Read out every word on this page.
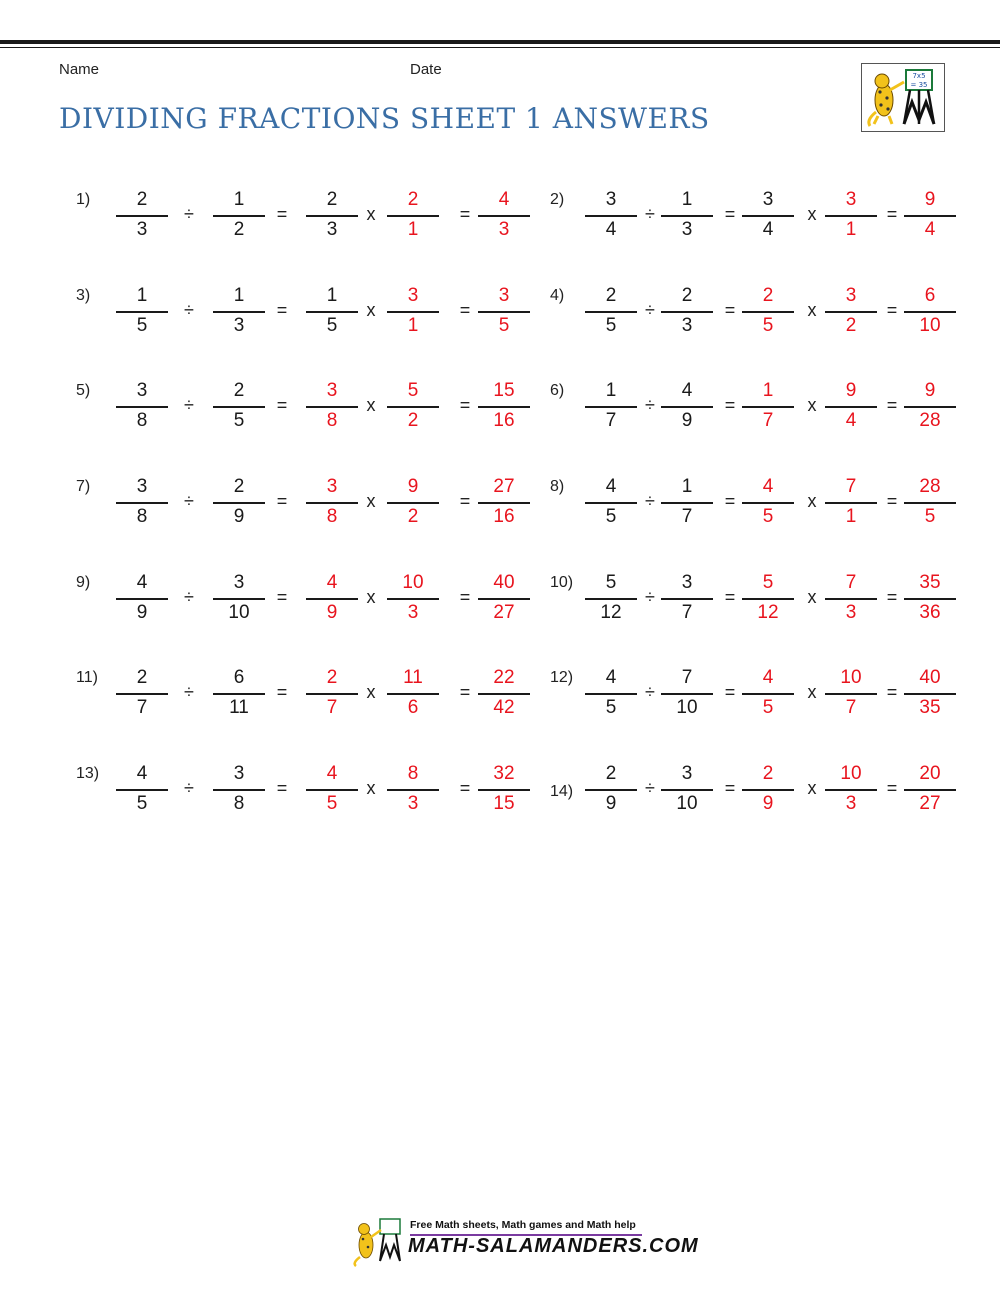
Name	Date
DIVIDING FRACTIONS SHEET 1 ANSWERS
7x5
= 35
1)	2
3
÷
1
2
=
2
3
x
2
1
=
4
3
2)	3
4
÷
1
3
=
3
4
x
3
1
=
9
4
3)	1
5
÷
1
3
=
1
5
x
3
1
=
3
5
4)	2
5
÷
2
3
=
2
5
x
3
2
=
6
10
5)	3
8
÷
2
5
=
3
8
x
5
2
=
15
16
6)	1
7
÷
4
9
=
1
7
x
9
4
=
9
28
7)	3
8
÷
2
9
=
3
8
x
9
2
=
27
16
8)	4
5
÷
1
7
=
4
5
x
7
1
=
28
5
9)	4
9
÷
3
10
=
4
9
x
10
3
=
40
27
10)	5
12
÷
3
7
=
5
12
x
7
3
=
35
36
11)	2
7
÷
6
11
=
2
7
x
11
6
=
22
42
12)	4
5
÷
7
10
=
4
5
x
10
7
=
40
35
13)	4
5
÷
3
8
=
4
5
x
8
3
=
32
15
14)
2
9
÷
3
10
=
2
9
x
10
3
=
20
27
Free Math sheets, Math games and Math help
MATH-SALAMANDERS.COM
